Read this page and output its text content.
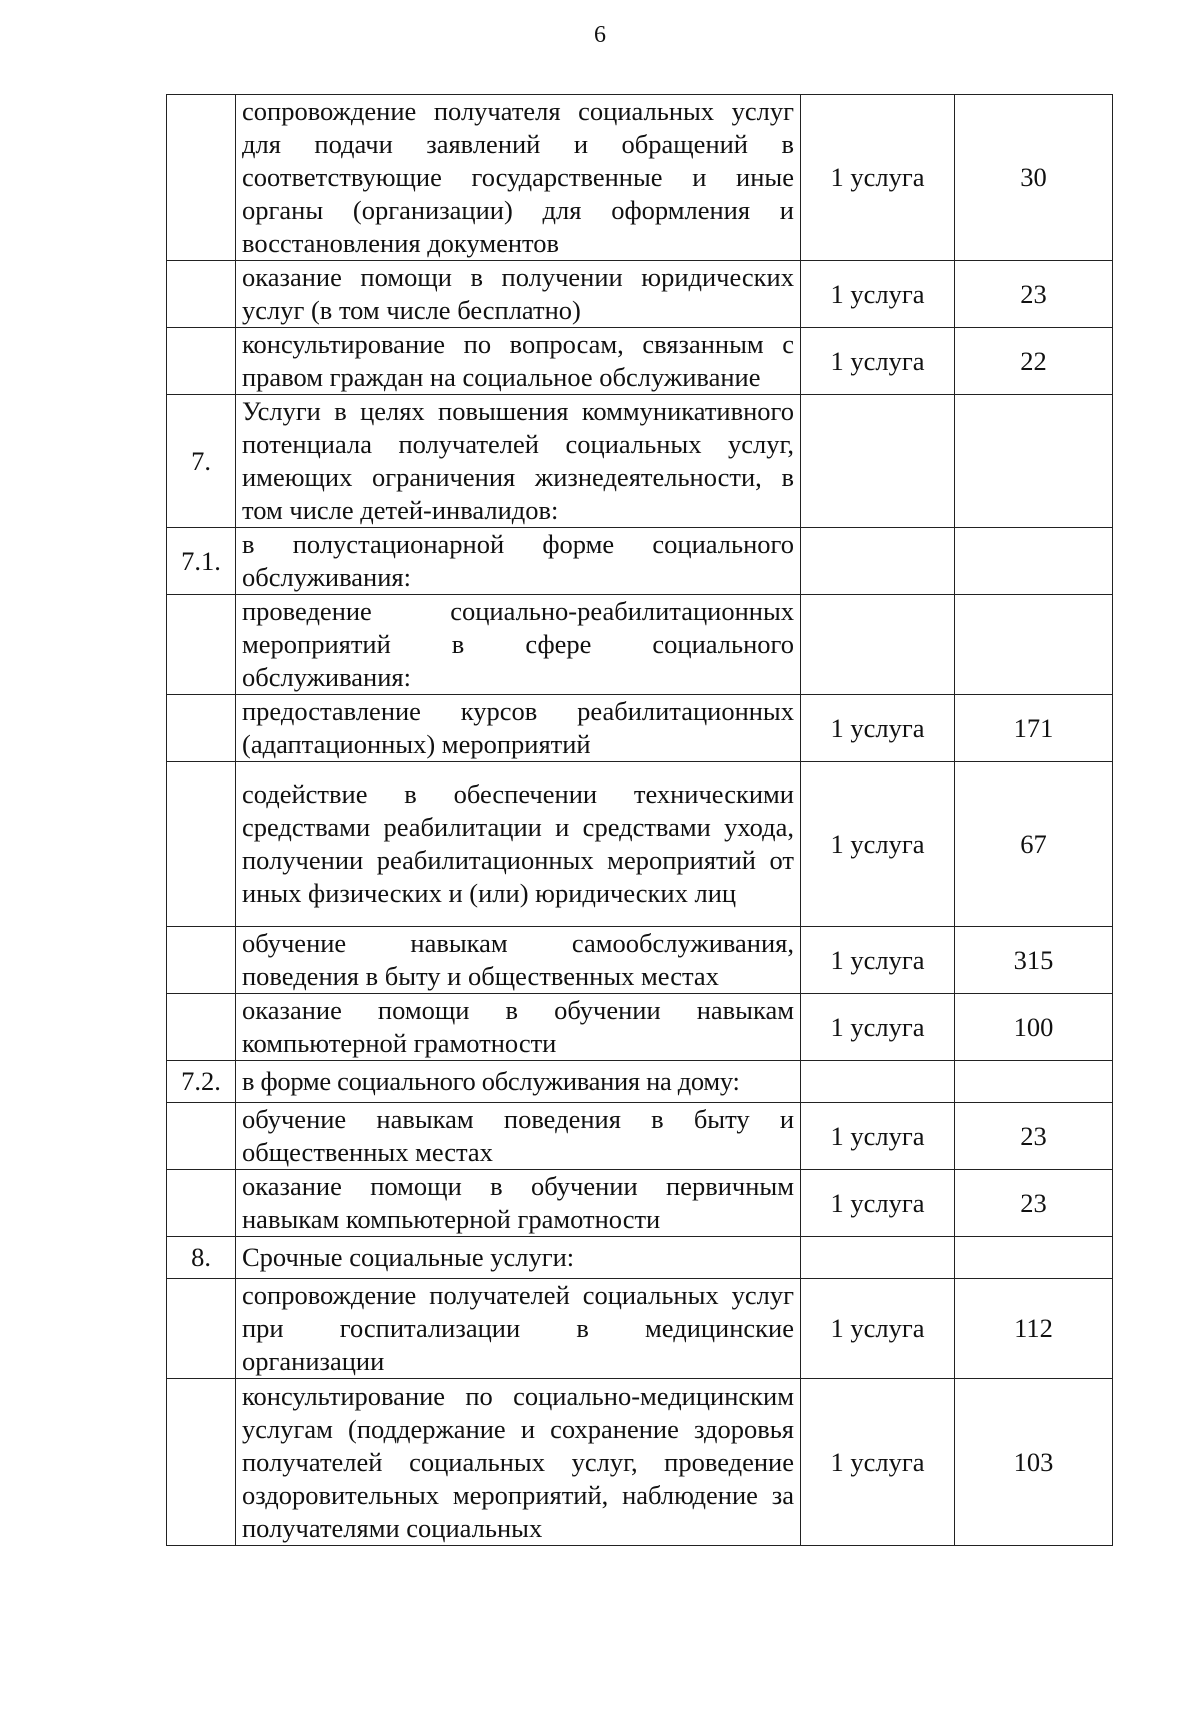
6
	сопровождение получателя социальных услуг для подачи заявлений и обращений в соответствующие государственные и иные органы (организации) для оформления и восстановления документов	1 услуга	30
	оказание помощи в получении юридических услуг (в том числе бесплатно)	1 услуга	23
	консультирование по вопросам, связанным с правом граждан на социальное обслуживание	1 услуга	22
7.	Услуги в целях повышения коммуникативного потенциала получателей социальных услуг, имеющих ограничения жизнедеятельности, в том числе детей-инвалидов:		
7.1.	в полустационарной форме социального обслуживания:		
	проведение социально-реабилитационных мероприятий в сфере социального обслуживания:		
	предоставление курсов реабилитационных (адаптационных) мероприятий	1 услуга	171
	содействие в обеспечении техническими средствами реабилитации и средствами ухода, получении реабилитационных мероприятий от иных физических и (или) юридических лиц	1 услуга	67
	обучение навыкам самообслуживания, поведения в быту и общественных местах	1 услуга	315
	оказание помощи в обучении навыкам компьютерной грамотности	1 услуга	100
7.2.	в форме социального обслуживания на дому:		
	обучение навыкам поведения в быту и общественных местах	1 услуга	23
	оказание помощи в обучении первичным навыкам компьютерной грамотности	1 услуга	23
8.	Срочные социальные услуги:		
	сопровождение получателей социальных услуг при госпитализации в медицинские организации	1 услуга	112
	консультирование по социально-медицинским услугам (поддержание и сохранение здоровья получателей социальных услуг, проведение оздоровительных мероприятий, наблюдение за получателями социальных	1 услуга	103
